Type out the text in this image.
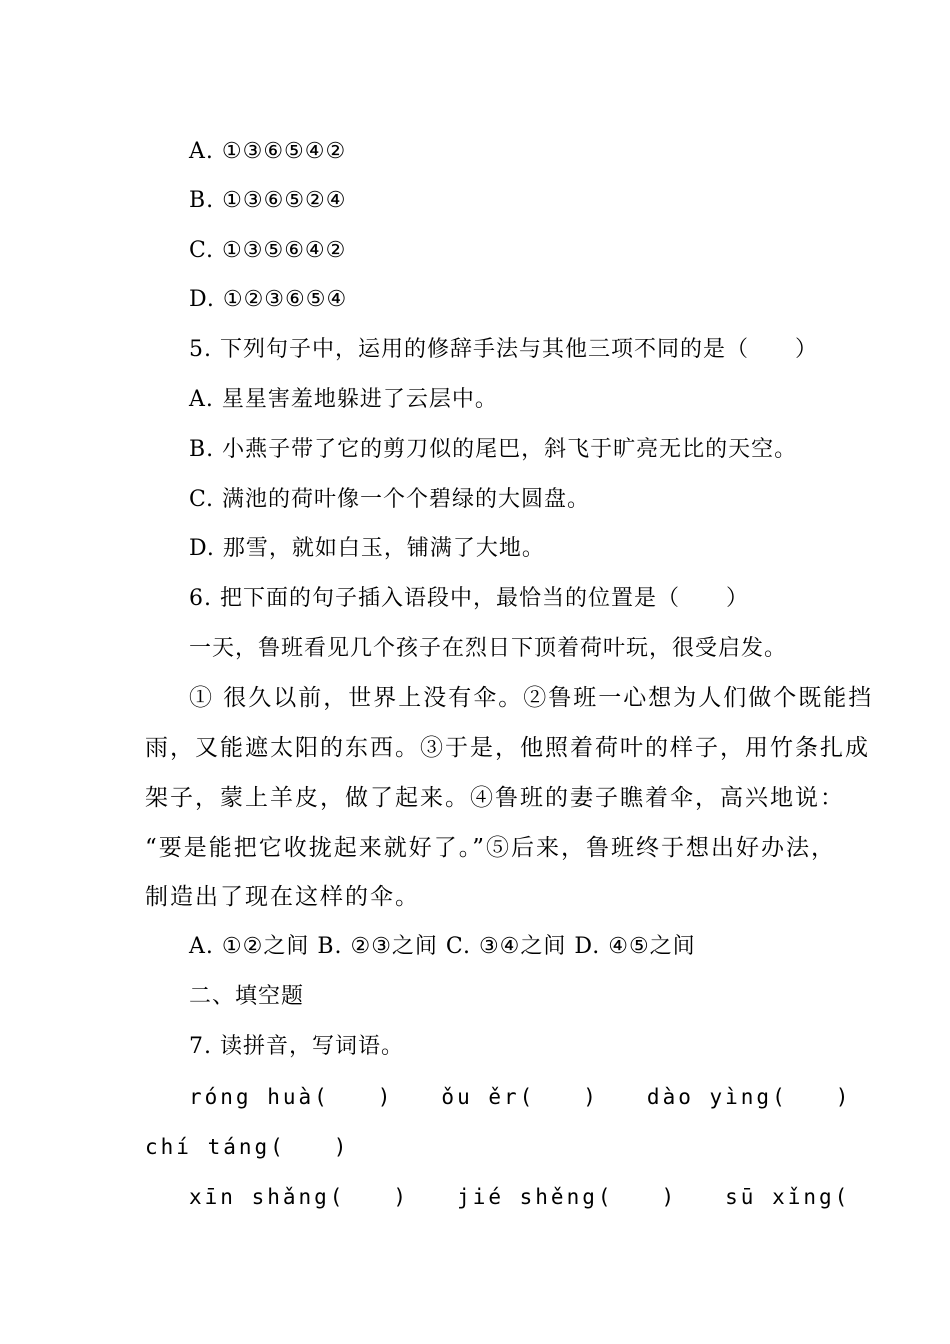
A. ①③⑥⑤④②
B. ①③⑥⑤②④
C. ①③⑤⑥④②
D. ①②③⑥⑤④
5. 下列句子中，运用的修辞手法与其他三项不同的是（　　）
A. 星星害羞地躲进了云层中。
B. 小燕子带了它的剪刀似的尾巴，斜飞于旷亮无比的天空。
C. 满池的荷叶像一个个碧绿的大圆盘。
D. 那雪，就如白玉，铺满了大地。
6. 把下面的句子插入语段中，最恰当的位置是（　　）
一天，鲁班看见几个孩子在烈日下顶着荷叶玩，很受启发。
① 很久以前，世界上没有伞。②鲁班一心想为人们做个既能挡
雨，又能遮太阳的东西。③于是，他照着荷叶的样子，用竹条扎成
架子，蒙上羊皮，做了起来。④鲁班的妻子瞧着伞，高兴地说：
“要是能把它收拢起来就好了。”⑤后来，鲁班终于想出好办法，
制造出了现在这样的伞。
A. ①②之间 B. ②③之间 C. ③④之间 D. ④⑤之间
二、填空题
7. 读拼音，写词语。
róng huà(　　)　　ǒu ěr(　　)　　dào yìng(　　)
chí táng(　　)
xīn shǎng(　　)　　jié shěng(　　)　　sū xǐng(
